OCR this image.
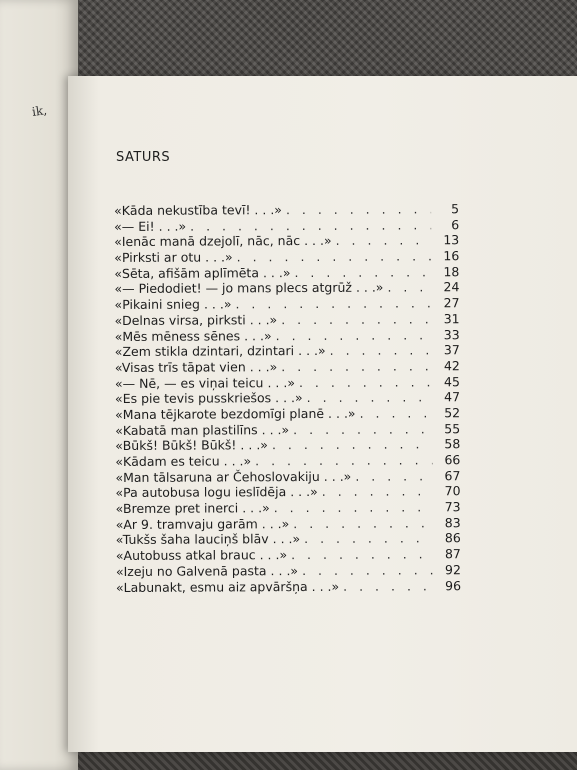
ik,
SATURS
«Kāda nekustība tevī! . . .» . . .	5
«— Ei! . . .» . . .	6
«Ienāc manā dzejolī, nāc, nāc . . .» . . .	13
«Pirksti ar otu . . .» . . .	16
«Sēta, afišām aplīmēta . . .» . . .	18
«— Piedodiet! — jo mans plecs atgrūž . . .» . . .	24
«Pikaini snieg . . .» . . .	27
«Delnas virsa, pirksti . . .» . . .	31
«Mēs mēness sēnes . . .» . . .	33
«Zem stikla dzintari, dzintari . . .» . . .	37
«Visas trīs tāpat vien . . .» . . .	42
«— Nē, — es viņai teicu . . .» . . .	45
«Es pie tevis pusskriešos . . .» . . .	47
«Mana tējkarote bezdomīgi planē . . .» . . .	52
«Kabatā man plastilīns . . .» . . .	55
«Būkš! Būkš! Būkš! . . .» . . .	58
«Kādam es teicu . . .» . . .	66
«Man tālsaruna ar Čehoslovakiju . . .» . . .	67
«Pa autobusa logu ieslīdēja . . .» . . .	70
«Bremze pret inerci . . .» . . .	73
«Ar 9. tramvaju garām . . .» . . .	83
«Tukšs šaha lauciņš blāv . . .» . . .	86
«Autobuss atkal brauc . . .» . . .	87
«Izeju no Galvenā pasta . . .» . . .	92
«Labunakt, esmu aiz apvāršņa . . .» . . .	96
